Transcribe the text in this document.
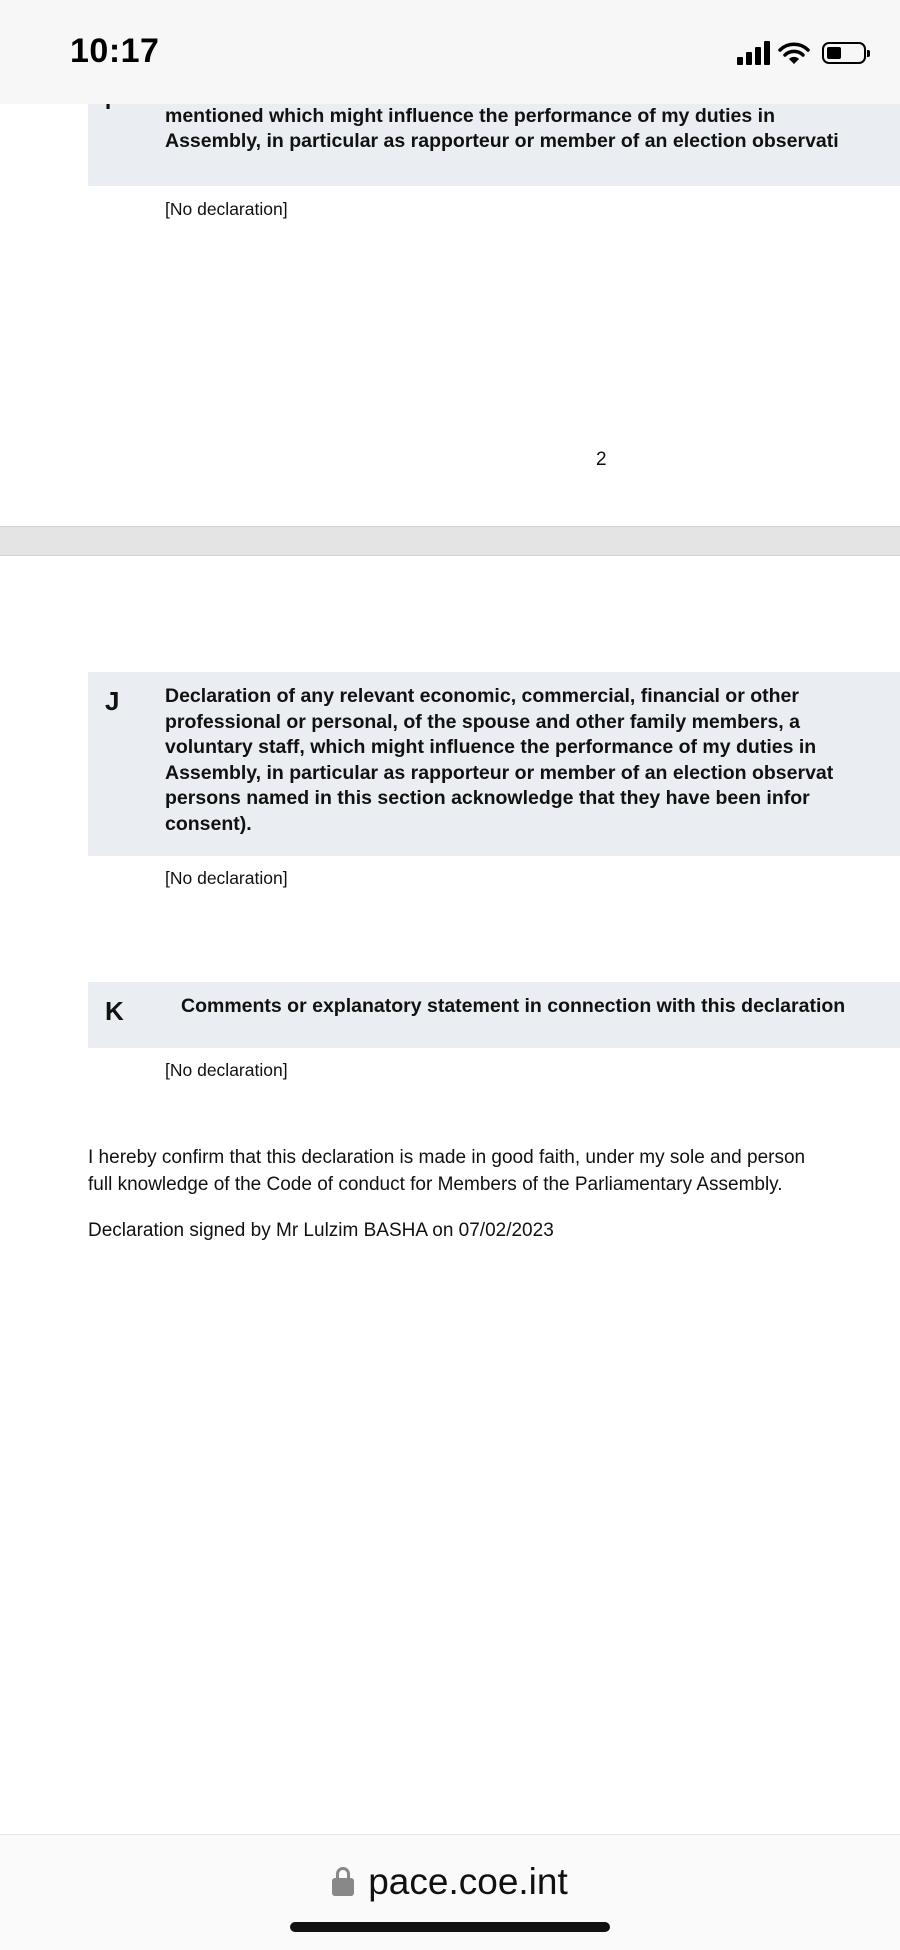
mentioned which might influence the performance of my duties in
Assembly, in particular as rapporteur or member of an election observati
[No declaration]
2
J Declaration of any relevant economic, commercial, financial or other
professional or personal, of the spouse and other family members, a
voluntary staff, which might influence the performance of my duties in
Assembly, in particular as rapporteur or member of an election observat
persons named in this section acknowledge that they have been infor
consent).
[No declaration]
K	Comments or explanatory statement in connection with this declaration
[No declaration]
I hereby confirm that this declaration is made in good faith, under my sole and person
full knowledge of the Code of conduct for Members of the Parliamentary Assembly.
Declaration signed by Mr Lulzim BASHA on 07/02/2023
10:17
pace.coe.int
